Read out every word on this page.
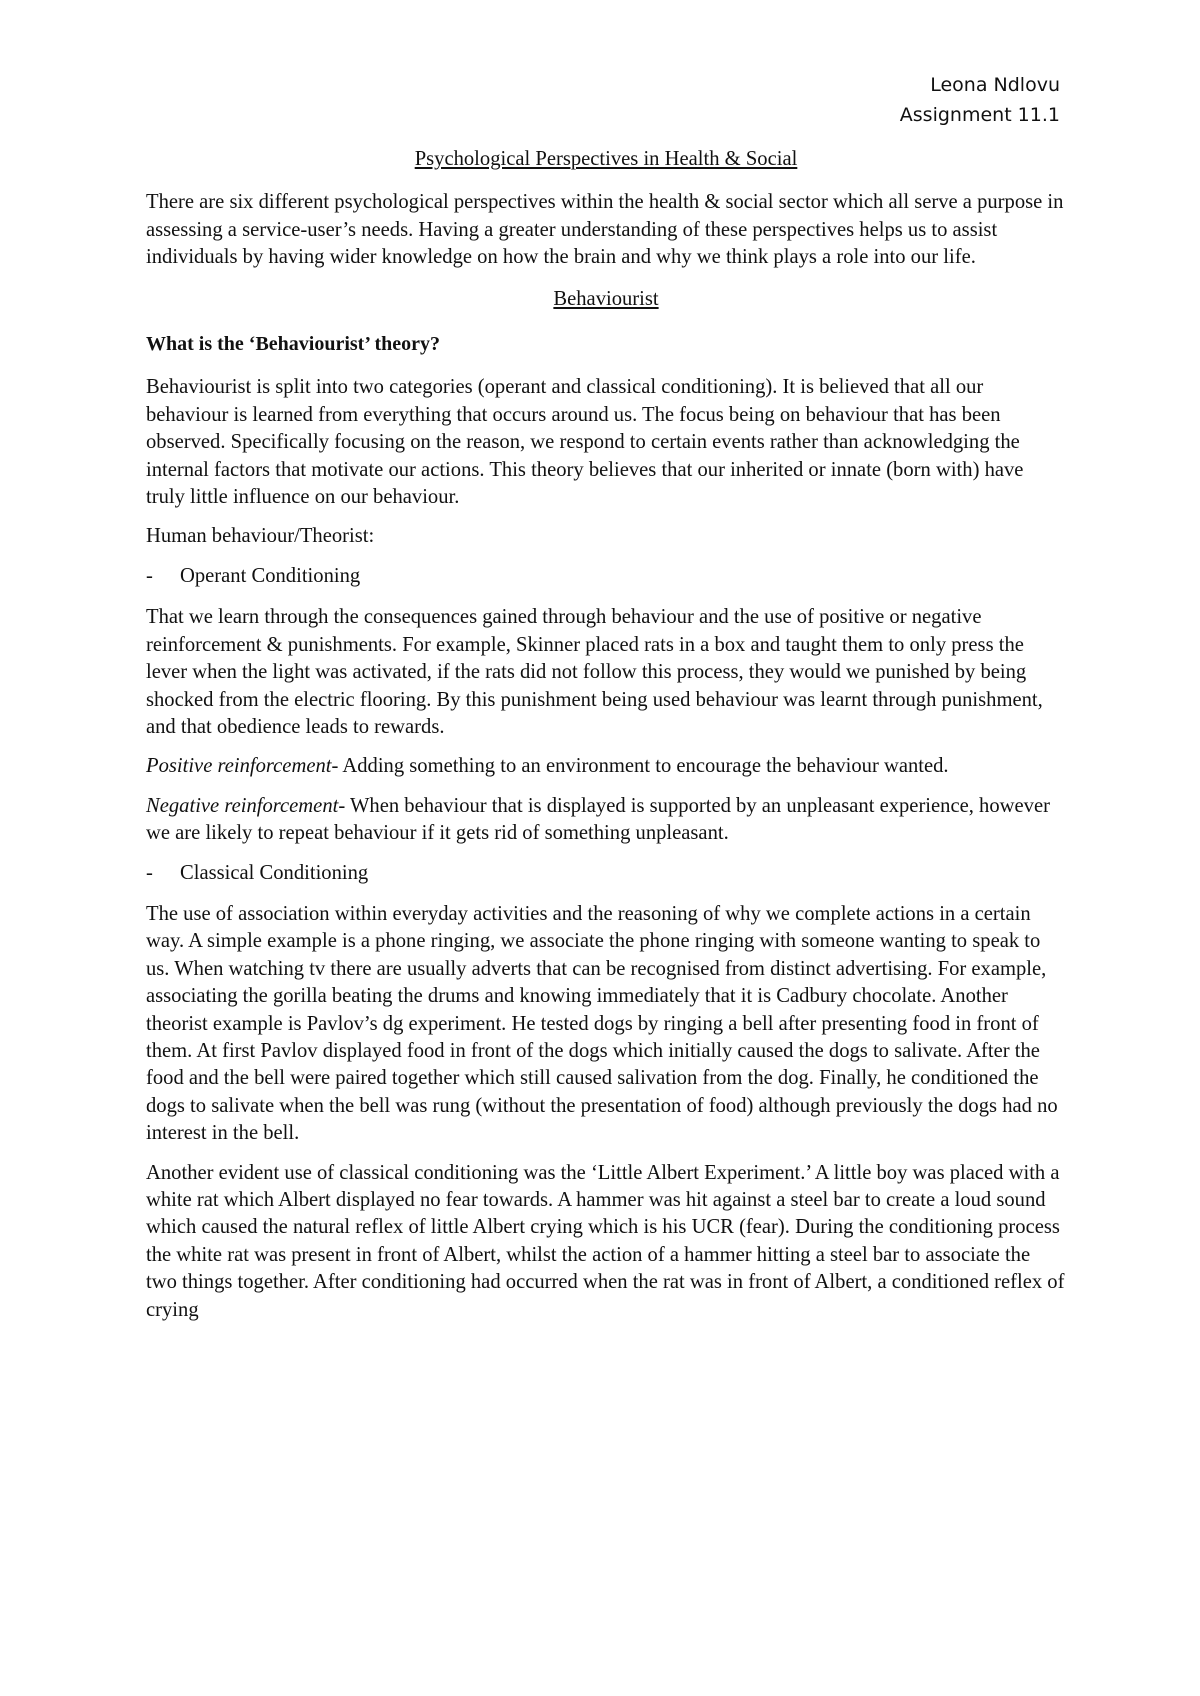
Leona Ndlovu
Assignment 11.1
Psychological Perspectives in Health & Social

There are six different psychological perspectives within the health & social sector which all serve a purpose in assessing a service-user’s needs. Having a greater understanding of these perspectives helps us to assist individuals by having wider knowledge on how the brain and why we think plays a role into our life.

Behaviourist
What is the ‘Behaviourist’ theory?

Behaviourist is split into two categories (operant and classical conditioning). It is believed that all our behaviour is learned from everything that occurs around us. The focus being on behaviour that has been observed. Specifically focusing on the reason, we respond to certain events rather than acknowledging the internal factors that motivate our actions. This theory believes that our inherited or innate (born with) have truly little influence on our behaviour.

Human behaviour/Theorist:

-	Operant Conditioning

That we learn through the consequences gained through behaviour and the use of positive or negative reinforcement & punishments. For example, Skinner placed rats in a box and taught them to only press the lever when the light was activated, if the rats did not follow this process, they would we punished by being shocked from the electric flooring. By this punishment being used behaviour was learnt through punishment, and that obedience leads to rewards.

Positive reinforcement- Adding something to an environment to encourage the behaviour wanted.

Negative reinforcement- When behaviour that is displayed is supported by an unpleasant experience, however we are likely to repeat behaviour if it gets rid of something unpleasant.

-	Classical Conditioning

The use of association within everyday activities and the reasoning of why we complete actions in a certain way. A simple example is a phone ringing, we associate the phone ringing with someone wanting to speak to us. When watching tv there are usually adverts that can be recognised from distinct advertising. For example, associating the gorilla beating the drums and knowing immediately that it is Cadbury chocolate. Another theorist example is Pavlov’s dg experiment. He tested dogs by ringing a bell after presenting food in front of them. At first Pavlov displayed food in front of the dogs which initially caused the dogs to salivate. After the food and the bell were paired together which still caused salivation from the dog. Finally, he conditioned the dogs to salivate when the bell was rung (without the presentation of food) although previously the dogs had no interest in the bell.

Another evident use of classical conditioning was the ‘Little Albert Experiment.’ A little boy was placed with a white rat which Albert displayed no fear towards. A hammer was hit against a steel bar to create a loud sound which caused the natural reflex of little Albert crying which is his UCR (fear). During the conditioning process the white rat was present in front of Albert, whilst the action of a hammer hitting a steel bar to associate the two things together. After conditioning had occurred when the rat was in front of Albert, a conditioned reflex of crying
